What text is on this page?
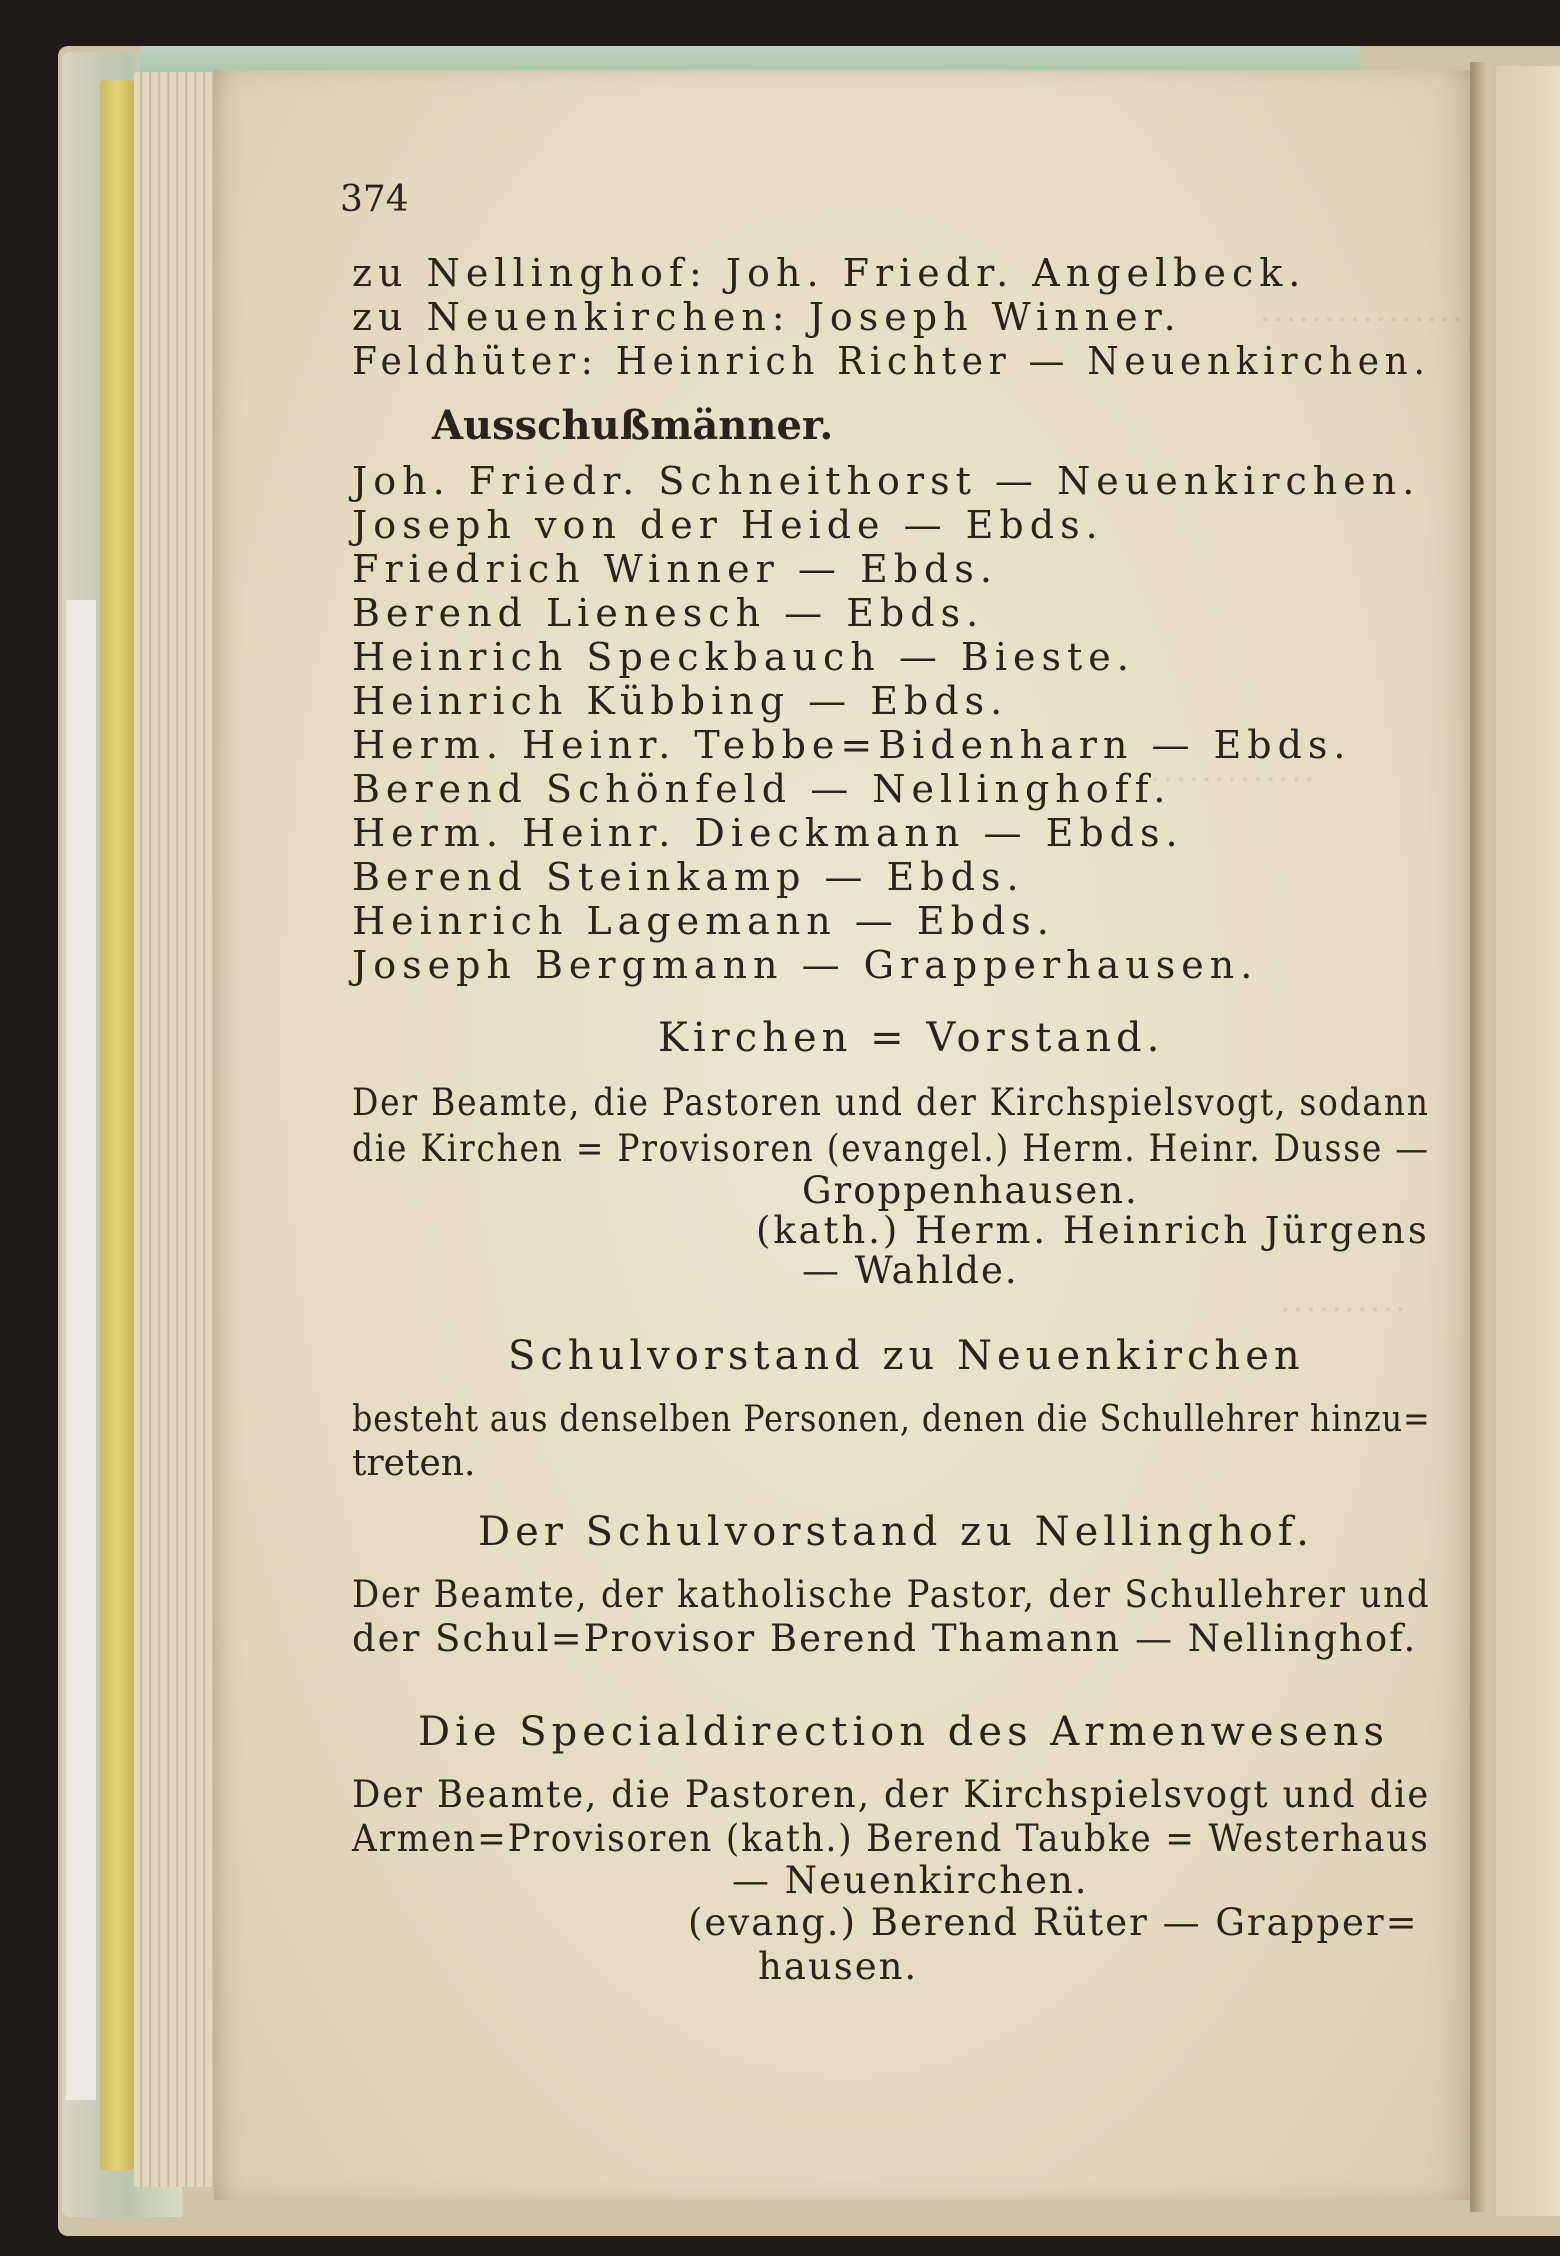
················
·············
··········
374
zu Nellinghof: Joh. Friedr. Angelbeck.
zu Neuenkirchen: Joseph Winner.
Feldhüter: Heinrich Richter — Neuenkirchen.
Ausschußmänner.
Joh. Friedr. Schneithorst — Neuenkirchen.
Joseph von der Heide — Ebds.
Friedrich Winner — Ebds.
Berend Lienesch — Ebds.
Heinrich Speckbauch — Bieste.
Heinrich Kübbing — Ebds.
Herm. Heinr. Tebbe=Bidenharn — Ebds.
Berend Schönfeld — Nellinghoff.
Herm. Heinr. Dieckmann — Ebds.
Berend Steinkamp — Ebds.
Heinrich Lagemann — Ebds.
Joseph Bergmann — Grapperhausen.
Kirchen = Vorstand.
Der Beamte, die Pastoren und der Kirchspielsvogt, sodann
die Kirchen = Provisoren (evangel.) Herm. Heinr. Dusse —
Groppenhausen.
(kath.) Herm. Heinrich Jürgens
— Wahlde.
Schulvorstand zu Neuenkirchen
besteht aus denselben Personen, denen die Schullehrer hinzu=
treten.
Der Schulvorstand zu Nellinghof.
Der Beamte, der katholische Pastor, der Schullehrer und
der Schul=Provisor Berend Thamann — Nellinghof.
Die Specialdirection des Armenwesens
Der Beamte, die Pastoren, der Kirchspielsvogt und die
Armen=Provisoren (kath.) Berend Taubke = Westerhaus
— Neuenkirchen.
(evang.) Berend Rüter — Grapper=
hausen.
